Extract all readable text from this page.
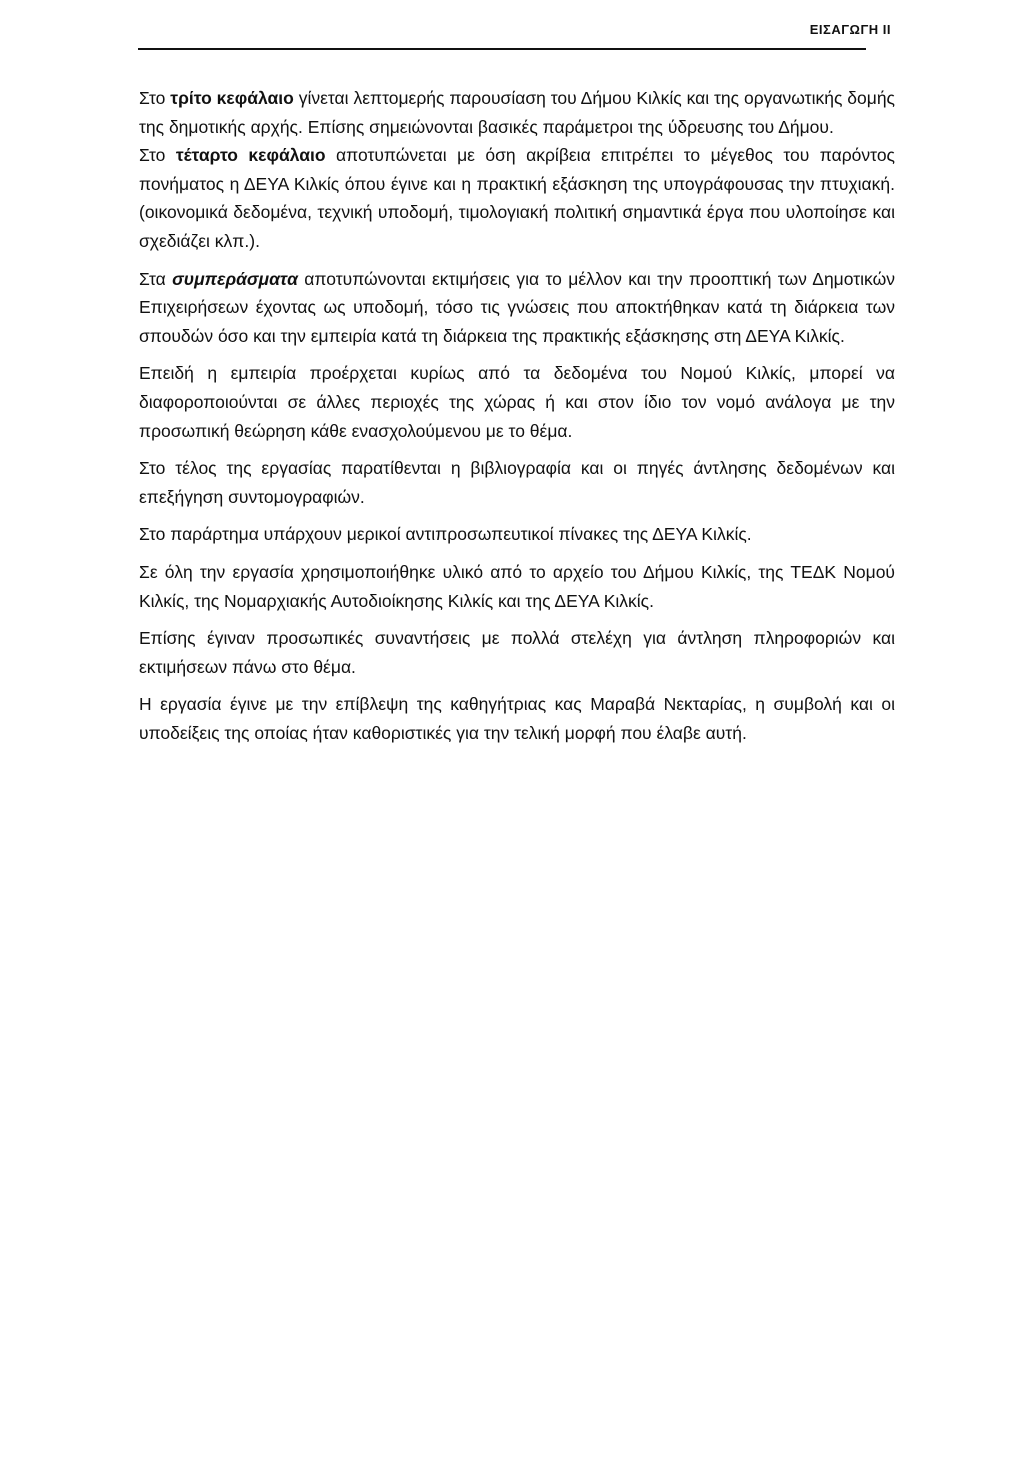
ΕΙΣΑΓΩΓΗ II

Στο τρίτο κεφάλαιο γίνεται λεπτομερής παρουσίαση του Δήμου Κιλκίς και της οργανωτικής δομής της δημοτικής αρχής. Επίσης σημειώνονται βασικές παράμετροι της ύδρευσης του Δήμου.

Στο τέταρτο κεφάλαιο αποτυπώνεται με όση ακρίβεια επιτρέπει το μέγεθος του παρόντος πονήματος η ΔΕΥΑ Κιλκίς όπου έγινε και η πρακτική εξάσκηση της υπογράφουσας την πτυχιακή. (οικονομικά δεδομένα, τεχνική υποδομή, τιμολογιακή πολιτική σημαντικά έργα που υλοποίησε και σχεδιάζει κλπ.).

Στα συμπεράσματα αποτυπώνονται εκτιμήσεις για το μέλλον και την προοπτική των Δημοτικών Επιχειρήσεων έχοντας ως υποδομή, τόσο τις γνώσεις που αποκτήθηκαν κατά τη διάρκεια των σπουδών όσο και την εμπειρία κατά τη διάρκεια της πρακτικής εξάσκησης στη ΔΕΥΑ Κιλκίς.

Επειδή η εμπειρία προέρχεται κυρίως από τα δεδομένα του Νομού Κιλκίς, μπορεί να διαφοροποιούνται σε άλλες περιοχές της χώρας ή και στον ίδιο τον νομό ανάλογα με την προσωπική θεώρηση κάθε ενασχολούμενου με το θέμα.

Στο τέλος της εργασίας παρατίθενται η βιβλιογραφία και οι πηγές άντλησης δεδομένων και επεξήγηση συντομογραφιών.

Στο παράρτημα υπάρχουν μερικοί αντιπροσωπευτικοί πίνακες της ΔΕΥΑ Κιλκίς.

Σε όλη την εργασία χρησιμοποιήθηκε υλικό από το αρχείο του Δήμου Κιλκίς, της ΤΕΔΚ Νομού Κιλκίς, της Νομαρχιακής Αυτοδιοίκησης Κιλκίς και της ΔΕΥΑ Κιλκίς.

Επίσης έγιναν προσωπικές συναντήσεις με πολλά στελέχη για άντληση πληροφοριών και εκτιμήσεων πάνω στο θέμα.

Η εργασία έγινε με την επίβλεψη της καθηγήτριας κας Μαραβά Νεκταρίας, η συμβολή και οι υποδείξεις της οποίας ήταν καθοριστικές για την τελική μορφή που έλαβε αυτή.
